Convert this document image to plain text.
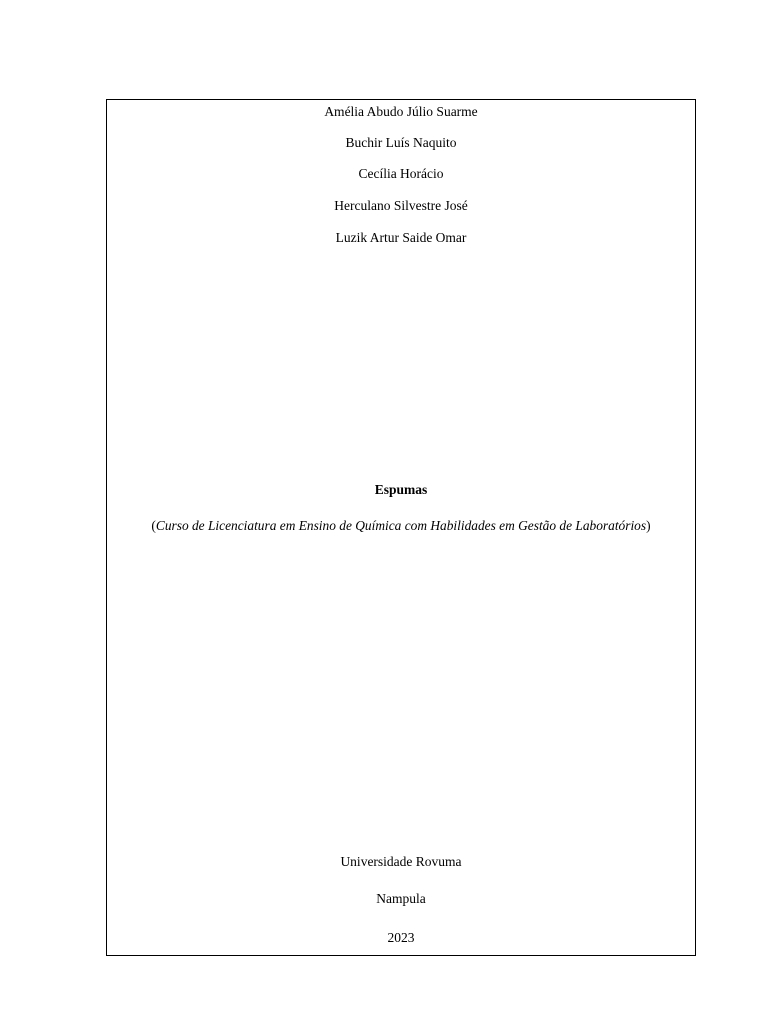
Amélia Abudo Júlio Suarme
Buchir Luís Naquito
Cecília Horácio
Herculano Silvestre José
Luzik Artur Saide Omar
Espumas
(Curso de Licenciatura em Ensino de Química com Habilidades em Gestão de Laboratórios)
Universidade Rovuma
Nampula
2023
